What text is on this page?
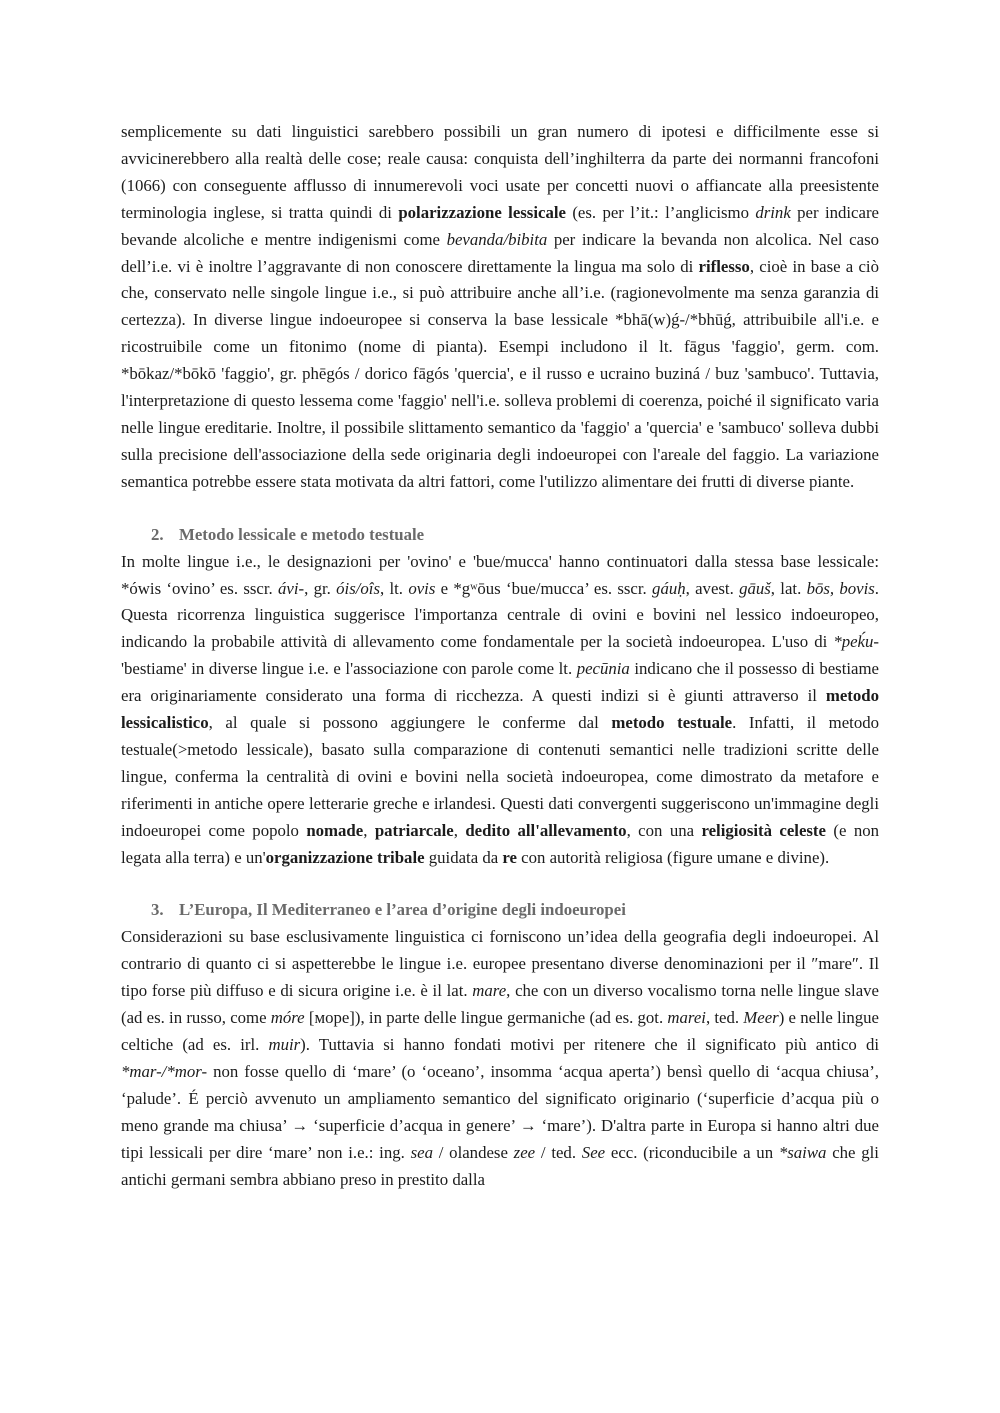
semplicemente su dati linguistici sarebbero possibili un gran numero di ipotesi e difficilmente esse si avvicinerebbero alla realtà delle cose; reale causa: conquista dell’inghilterra da parte dei normanni francofoni (1066) con conseguente afflusso di innumerevoli voci usate per concetti nuovi o affiancate alla preesistente terminologia inglese, si tratta quindi di polarizzazione lessicale (es. per l’it.: l’anglicismo drink per indicare bevande alcoliche e mentre indigenismi come bevanda/bibita per indicare la bevanda non alcolica. Nel caso dell’i.e. vi è inoltre l’aggravante di non conoscere direttamente la lingua ma solo di riflesso, cioè in base a ciò che, conservato nelle singole lingue i.e., si può attribuire anche all’i.e. (ragionevolmente ma senza garanzia di certezza). In diverse lingue indoeuropee si conserva la base lessicale *bhā(w)ǵ-/*bhūǵ, attribuibile all'i.e. e ricostruibile come un fitonimo (nome di pianta). Esempi includono il lt. fāgus 'faggio', germ. com. *bōkaz/*bōkō 'faggio', gr. phēgós / dorico fāgós 'quercia', e il russo e ucraino buziná / buz 'sambuco'. Tuttavia, l'interpretazione di questo lessema come 'faggio' nell'i.e. solleva problemi di coerenza, poiché il significato varia nelle lingue ereditarie. Inoltre, il possibile slittamento semantico da 'faggio' a 'quercia' e 'sambuco' solleva dubbi sulla precisione dell'associazione della sede originaria degli indoeuropei con l'areale del faggio. La variazione semantica potrebbe essere stata motivata da altri fattori, come l'utilizzo alimentare dei frutti di diverse piante.

2. Metodo lessicale e metodo testuale

In molte lingue i.e., le designazioni per 'ovino' e 'bue/mucca' hanno continuatori dalla stessa base lessicale: *ówis ‘ovino’ es. sscr. ávi-, gr. óis/oîs, lt. ovis e *gʷōus ‘bue/mucca’ es. sscr. gáuḥ, avest. gāuš, lat. bōs, bovis. Questa ricorrenza linguistica suggerisce l'importanza centrale di ovini e bovini nel lessico indoeuropeo, indicando la probabile attività di allevamento come fondamentale per la società indoeuropea. L'uso di *peḱu- 'bestiame' in diverse lingue i.e. e l'associazione con parole come lt. pecūnia indicano che il possesso di bestiame era originariamente considerato una forma di ricchezza. A questi indizi si è giunti attraverso il metodo lessicalistico, al quale si possono aggiungere le conferme dal metodo testuale. Infatti, il metodo testuale(>metodo lessicale), basato sulla comparazione di contenuti semantici nelle tradizioni scritte delle lingue, conferma la centralità di ovini e bovini nella società indoeuropea, come dimostrato da metafore e riferimenti in antiche opere letterarie greche e irlandesi. Questi dati convergenti suggeriscono un'immagine degli indoeuropei come popolo nomade, patriarcale, dedito all'allevamento, con una religiosità celeste (e non legata alla terra) e un'organizzazione tribale guidata da re con autorità religiosa (figure umane e divine).

3. L’Europa, Il Mediterraneo e l’area d’origine degli indoeuropei

Considerazioni su base esclusivamente linguistica ci forniscono un’idea della geografia degli indoeuropei. Al contrario di quanto ci si aspetterebbe le lingue i.e. europee presentano diverse denominazioni per il ″mare″. Il tipo forse più diffuso e di sicura origine i.e. è il lat. mare, che con un diverso vocalismo torna nelle lingue slave (ad es. in russo, come móre [море]), in parte delle lingue germaniche (ad es. got. marei, ted. Meer) e nelle lingue celtiche (ad es. irl. muir). Tuttavia si hanno fondati motivi per ritenere che il significato più antico di *mar-/*mor- non fosse quello di ‘mare’ (o ‘oceano’, insomma ‘acqua aperta’) bensì quello di ‘acqua chiusa’, ‘palude’. É perciò avvenuto un ampliamento semantico del significato originario (‘superficie d’acqua più o meno grande ma chiusa’ → ‘superficie d’acqua in genere’ → ‘mare’). D'altra parte in Europa si hanno altri due tipi lessicali per dire ‘mare’ non i.e.: ing. sea / olandese zee / ted. See ecc. (riconducibile a un *saiwa che gli antichi germani sembra abbiano preso in prestito dalla
